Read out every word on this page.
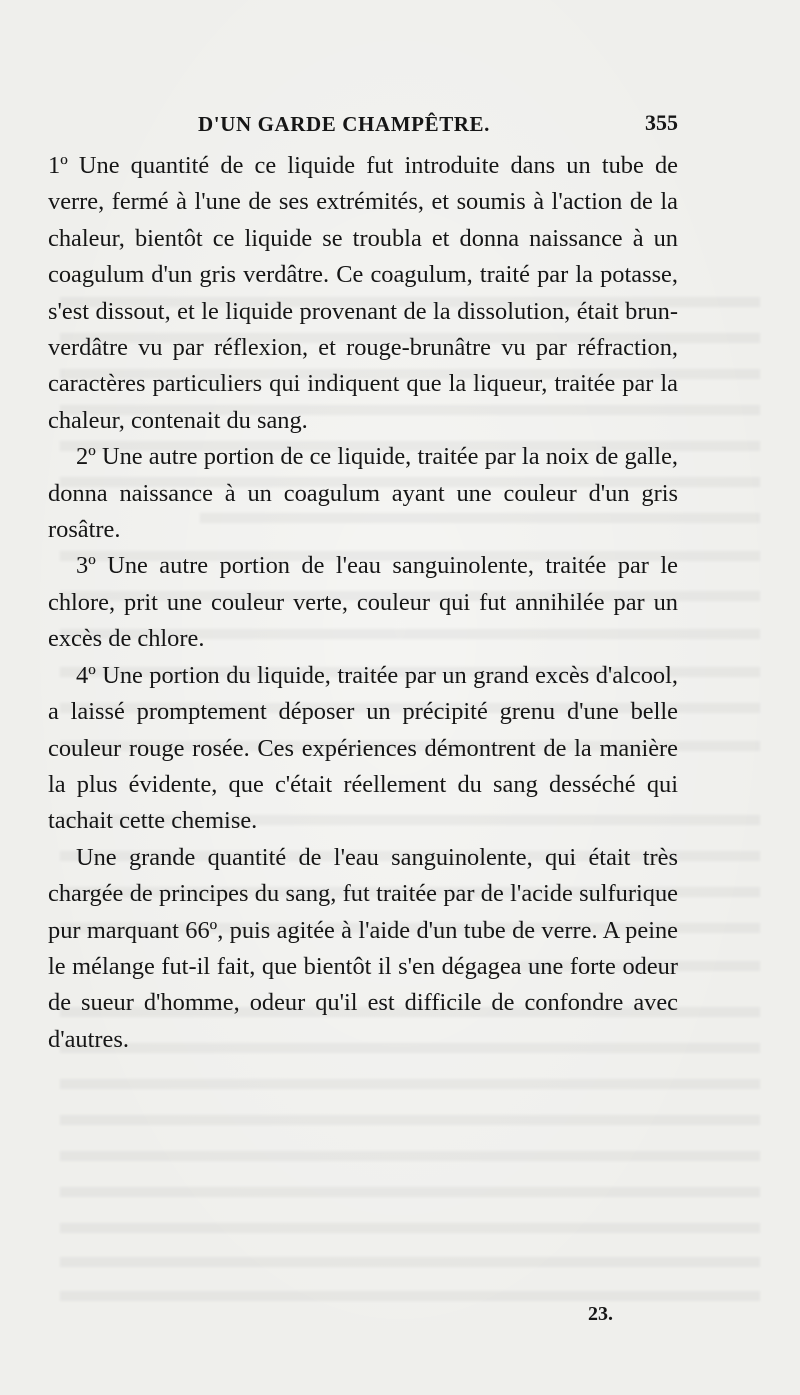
D'UN GARDE CHAMPÊTRE.	355

1º Une quantité de ce liquide fut introduite dans un tube de verre, fermé à l'une de ses extrémités, et soumis à l'action de la chaleur, bientôt ce liquide se troubla et donna naissance à un coagulum d'un gris verdâtre. Ce coagulum, traité par la potasse, s'est dissout, et le liquide provenant de la dissolution, était brun-verdâtre vu par réflexion, et rouge-brunâtre vu par réfraction, caractères particuliers qui indiquent que la liqueur, traitée par la chaleur, contenait du sang.

2º Une autre portion de ce liquide, traitée par la noix de galle, donna naissance à un coagulum ayant une couleur d'un gris rosâtre.

3º Une autre portion de l'eau sanguinolente, traitée par le chlore, prit une couleur verte, couleur qui fut annihilée par un excès de chlore.

4º Une portion du liquide, traitée par un grand excès d'alcool, a laissé promptement déposer un précipité grenu d'une belle couleur rouge rosée. Ces expériences démontrent de la manière la plus évidente, que c'était réellement du sang desséché qui tachait cette chemise.

Une grande quantité de l'eau sanguinolente, qui était très chargée de principes du sang, fut traitée par de l'acide sulfurique pur marquant 66º, puis agitée à l'aide d'un tube de verre. A peine le mélange fut-il fait, que bientôt il s'en dégagea une forte odeur de sueur d'homme, odeur qu'il est difficile de confondre avec d'autres.

23.
